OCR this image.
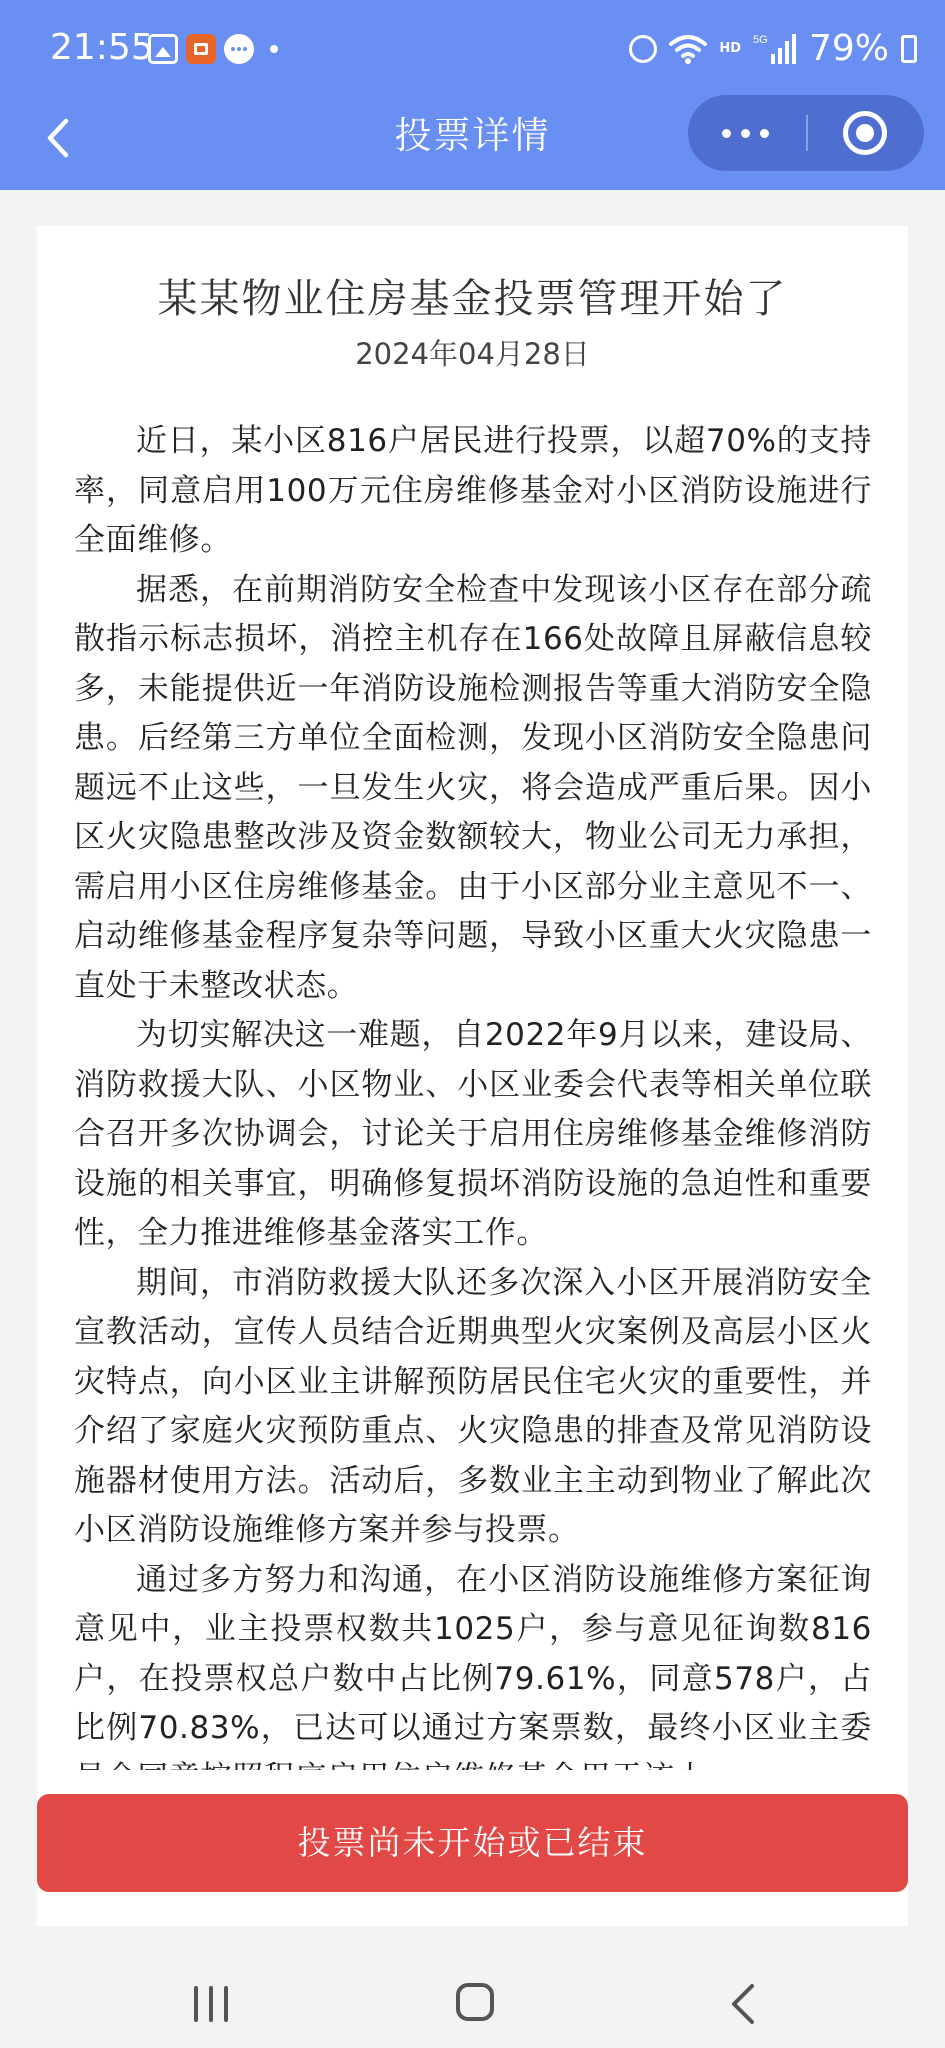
21:55	HD
5G 79%
投票详情
某某物业住房基金投票管理开始了
2024年04月28日

近日，某小区816户居民进行投票，以超70%的支持率，同意启用100万元住房维修基金对小区消防设施进行全面维修。

据悉，在前期消防安全检查中发现该小区存在部分疏散指示标志损坏，消控主机存在166处故障且屏蔽信息较多，未能提供近一年消防设施检测报告等重大消防安全隐患。后经第三方单位全面检测，发现小区消防安全隐患问题远不止这些，一旦发生火灾，将会造成严重后果。因小区火灾隐患整改涉及资金数额较大，物业公司无力承担，需启用小区住房维修基金。由于小区部分业主意见不一、启动维修基金程序复杂等问题，导致小区重大火灾隐患一直处于未整改状态。

为切实解决这一难题，自2022年9月以来，建设局、消防救援大队、小区物业、小区业委会代表等相关单位联合召开多次协调会，讨论关于启用住房维修基金维修消防设施的相关事宜，明确修复损坏消防设施的急迫性和重要性，全力推进维修基金落实工作。

期间，市消防救援大队还多次深入小区开展消防安全宣教活动，宣传人员结合近期典型火灾案例及高层小区火灾特点，向小区业主讲解预防居民住宅火灾的重要性，并介绍了家庭火灾预防重点、火灾隐患的排查及常见消防设施器材使用方法。活动后，多数业主主动到物业了解此次小区消防设施维修方案并参与投票。

通过多方努力和沟通，在小区消防设施维修方案征询意见中，业主投票权数共1025户，参与意见征询数816户，在投票权总户数中占比例79.61%，同意578户，占比例70.83%，已达可以通过方案票数，最终小区业主委

投票尚未开始或已结束
